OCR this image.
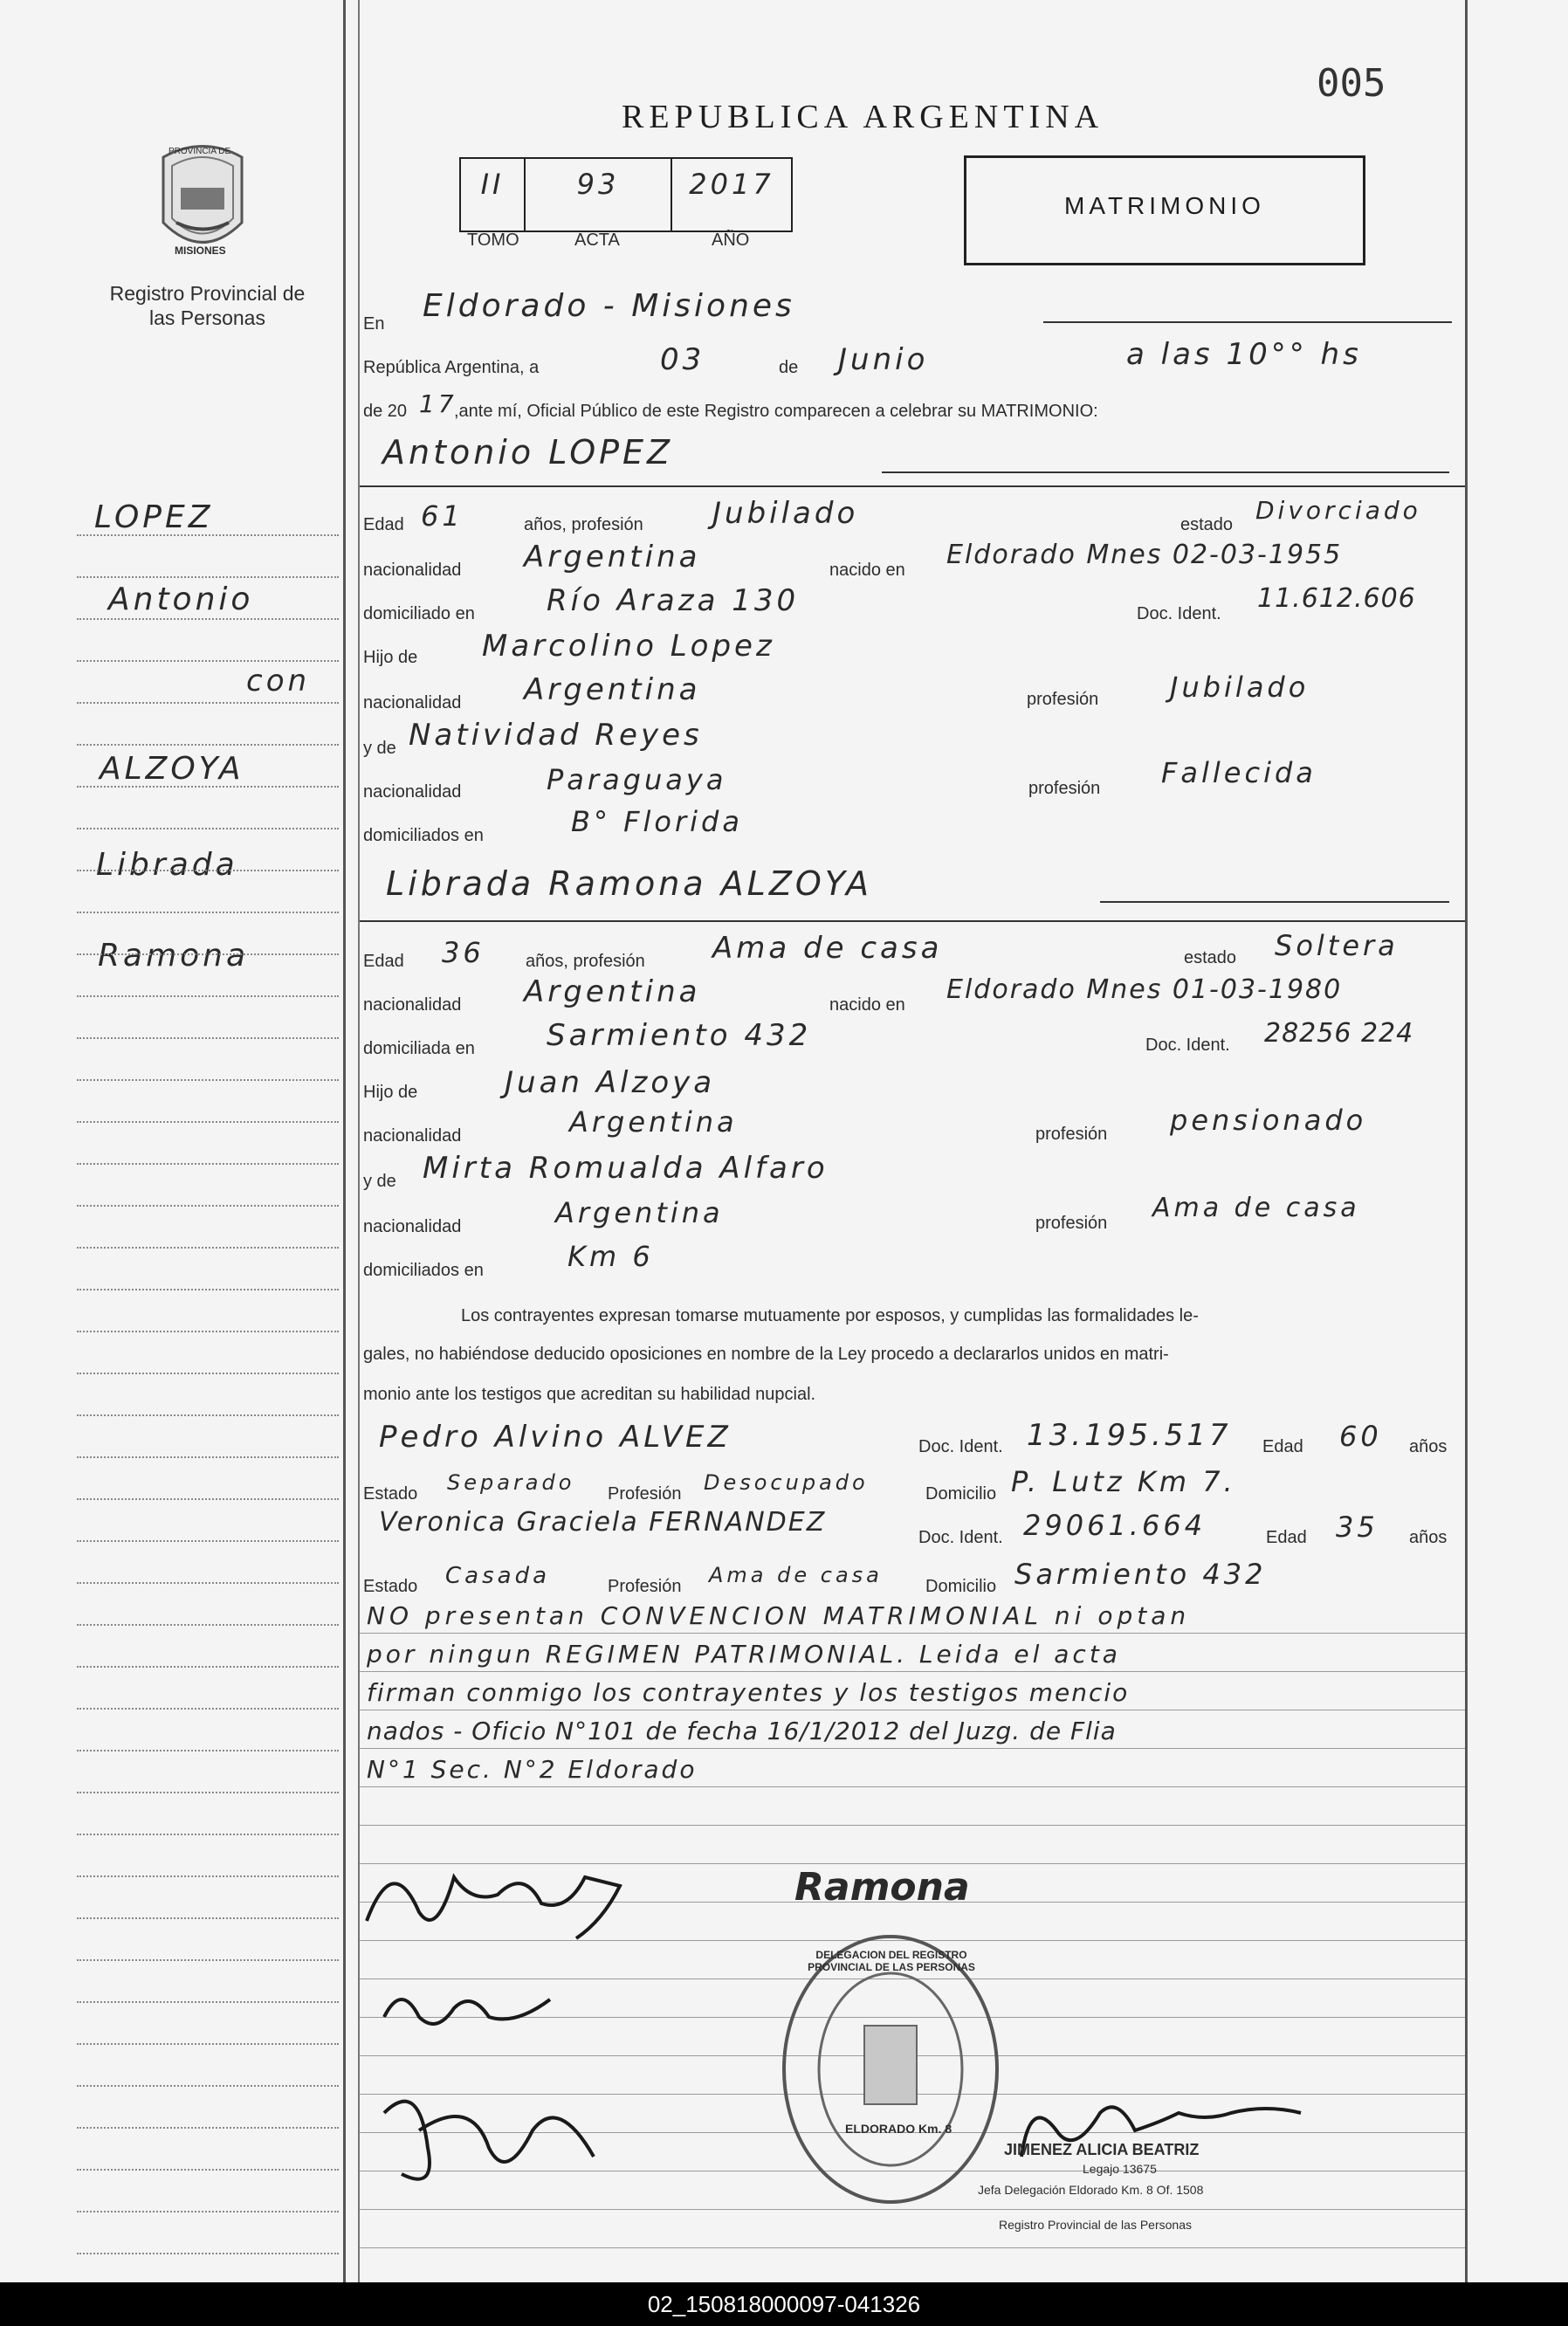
PROVINCIA DE
MISIONES
Registro Provincial de las Personas
005
REPUBLICA ARGENTINA
II	93	2017
TOMO	ACTA	AÑO
MATRIMONIO
LOPEZ
Antonio
con
ALZOYA
Librada
Ramona
En Eldorado - Misiones
República Argentina, a	03	de Junio	a las 10°° hs
de 20 17
,ante mí, Oficial Público de este Registro comparecen a celebrar su MATRIMONIO:
Antonio LOPEZ
Edad 61	años, profesión Jubilado	estado Divorciado
nacionalidad Argentina	nacido en Eldorado Mnes 02-03-1955
domiciliado en Río Araza 130	Doc. Ident. 11.612.606
Hijo de Marcolino Lopez
nacionalidad Argentina	profesión	Jubilado
y de Natividad Reyes
nacionalidad	Paraguaya	profesión Fallecida
domiciliados en	B° Florida
Librada Ramona ALZOYA
Edad 36 años, profesión Ama de casa	estado Soltera
nacionalidad Argentina	nacido en Eldorado Mnes 01-03-1980
domiciliada en Sarmiento 432	Doc. Ident. 28256 224
Hijo de	Juan Alzoya
nacionalidad	Argentina	profesión pensionado
y de Mirta Romualda Alfaro
nacionalidad	Argentina	profesión Ama de casa
domiciliados en	Km 6
Los contrayentes expresan tomarse mutuamente por esposos, y cumplidas las formalidades le-
gales, no habiéndose deducido oposiciones en nombre de la Ley procedo a declararlos unidos en matri-
monio ante los testigos que acreditan su habilidad nupcial.
Pedro Alvino ALVEZ	Doc. Ident. 13.195.517 Edad 60 años
Estado Separado Profesión Desocupado	Domicilio P. Lutz Km 7.
Veronica Graciela FERNANDEZ	Doc. Ident. 29061.664	Edad 35 años
Estado Casada	Profesión Ama de casa Domicilio Sarmiento 432
NO presentan CONVENCION MATRIMONIAL ni optan
por ningun REGIMEN PATRIMONIAL. Leida el acta
firman conmigo los contrayentes y los testigos mencio
nados - Oficio N°101 de fecha 16/1/2012 del Juzg. de Flia
N°1 Sec. N°2 Eldorado
Ramona
DELEGACION DEL REGISTRO PROVINCIAL DE LAS PERSONAS
ELDORADO Km. 8
JIMENEZ ALICIA BEATRIZ
Legajo 13675
Jefa Delegación Eldorado Km. 8 Of. 1508
Registro Provincial de las Personas
02_150818000097-041326
